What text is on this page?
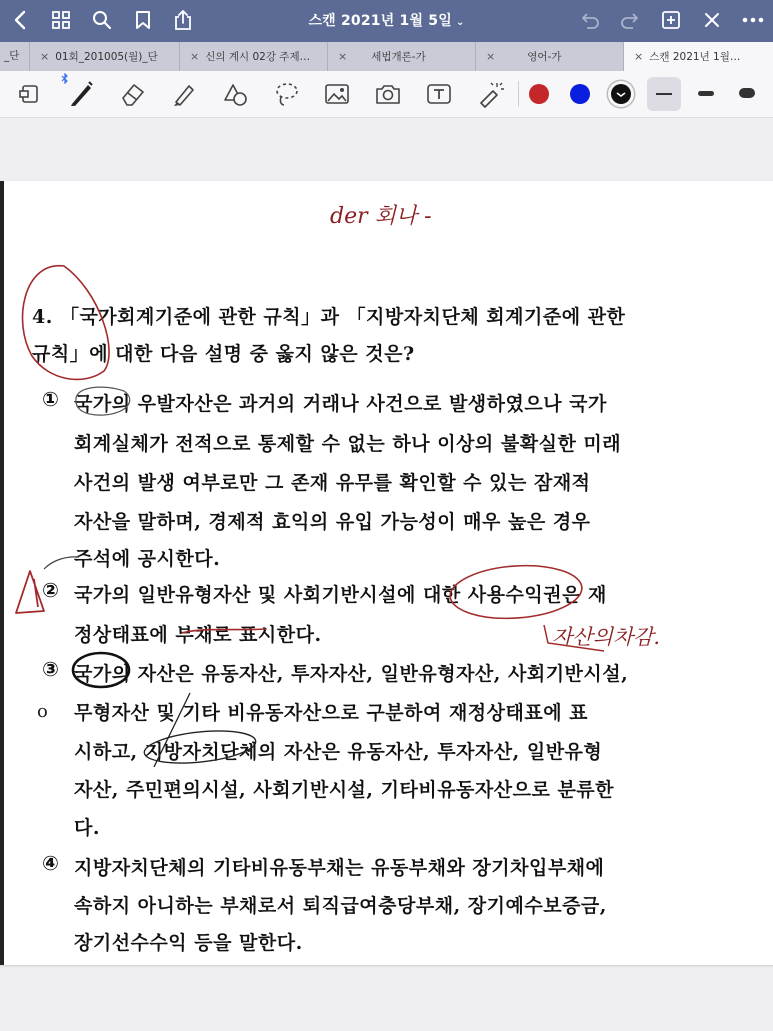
스캔 2021년 1월 5일 ⌄
_단	× 01회_201005(월)_단	× 신의 계시 02강 주제…	× 세법개론-가	×	영어-가	× 스캔 2021년 1월…
der 회나 -
4. 「국가회계기준에 관한 규칙」과 「지방자치단체 회계기준에 관한
규칙」에 대한 다음 설명 중 옳지 않은 것은?
① 국가의 우발자산은 과거의 거래나 사건으로 발생하였으나 국가
회계실체가 전적으로 통제할 수 없는 하나 이상의 불확실한 미래
사건의 발생 여부로만 그 존재 유무를 확인할 수 있는 잠재적
자산을 말하며, 경제적 효익의 유입 가능성이 매우 높은 경우
주석에 공시한다.
② 국가의 일반유형자산 및 사회기반시설에 대한 사용수익권은 재
정상태표에 부채로 표시한다.	자산의차감.
③ 국가의 자산은 유동자산, 투자자산, 일반유형자산, 사회기반시설,
무형자산 및 기타 비유동자산으로 구분하여 재정상태표에 표
o
시하고, 지방자치단체의 자산은 유동자산, 투자자산, 일반유형
자산, 주민편의시설, 사회기반시설, 기타비유동자산으로 분류한
다.
④ 지방자치단체의 기타비유동부채는 유동부채와 장기차입부채에
속하지 아니하는 부채로서 퇴직급여충당부채, 장기예수보증금,
장기선수수익 등을 말한다.
